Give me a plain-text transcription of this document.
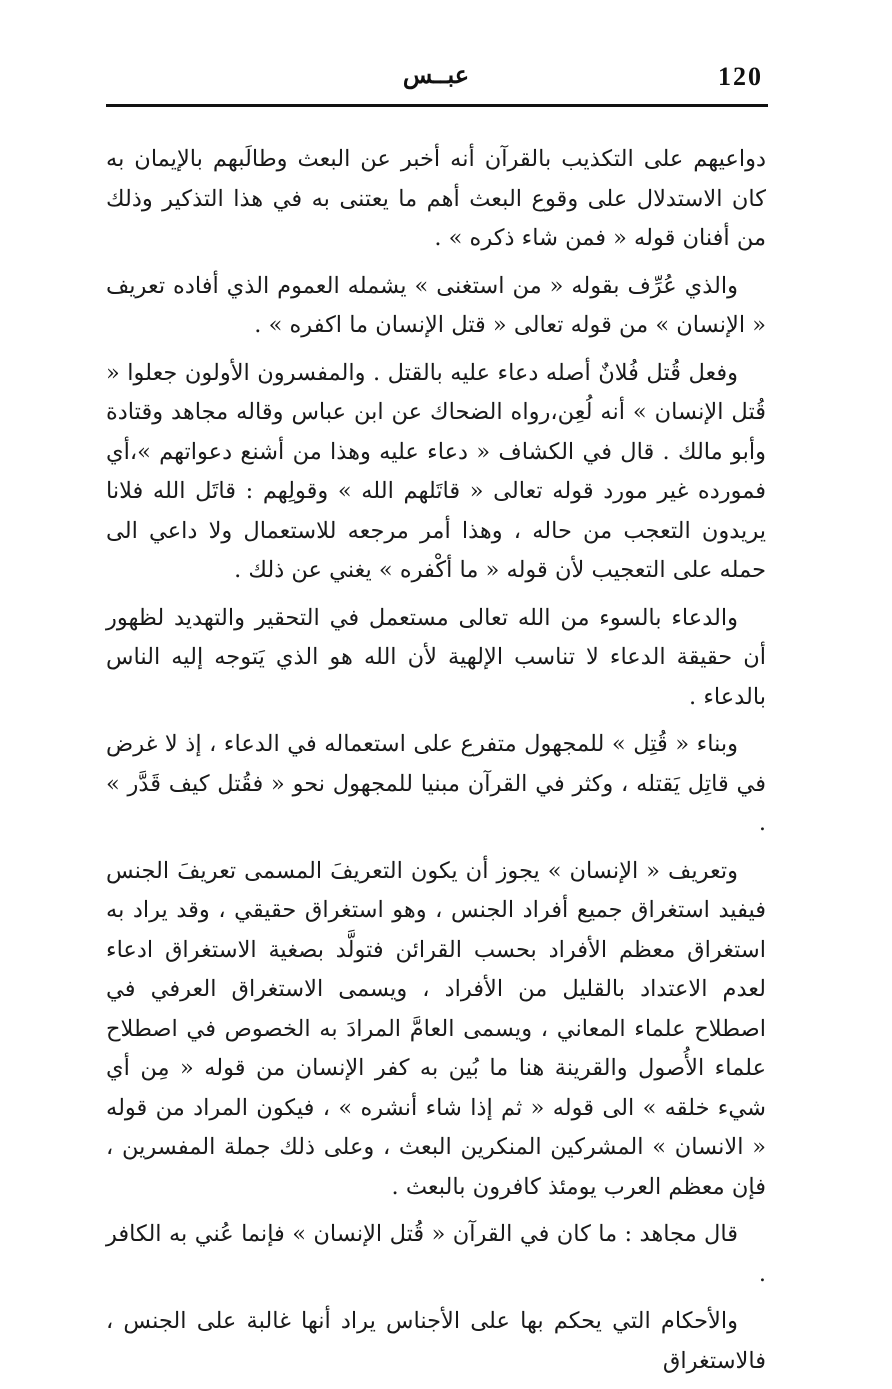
120
عبــس

دواعيهم على التكذيب بالقرآن أنه أخبر عن البعث وطالَبهم بالإيمان به كان الاستدلال على وقوع البعث أهم ما يعتنى به في هذا التذكير وذلك من أفنان قوله « فمن شاء ذكره » .

والذي عُرِّف بقوله « من استغنى » يشمله العموم الذي أفاده تعريف « الإنسان » من قوله تعالى « قتل الإنسان ما اكفره » .

وفعل قُتل فُلانٌ أصله دعاء عليه بالقتل . والمفسرون الأولون جعلوا « قُتل الإنسان » أنه لُعِن،رواه الضحاك عن ابن عباس وقاله مجاهد وقتادة وأبو مالك . قال في الكشاف « دعاء عليه وهذا من أشنع دعواتهم »،أي فمورده غير مورد قوله تعالى « قاتَلهم الله » وقولِهم : قاتَل الله فلانا يريدون التعجب من حاله ، وهذا أمر مرجعه للاستعمال ولا داعي الى حمله على التعجيب لأن قوله « ما أكْفره » يغني عن ذلك .

والدعاء بالسوء من الله تعالى مستعمل في التحقير والتهديد لظهور أن حقيقة الدعاء لا تناسب الإلهية لأن الله هو الذي يَتوجه إليه الناس بالدعاء .

وبناء « قُتِل » للمجهول متفرع على استعماله في الدعاء ، إذ لا غرض في قاتِل يَقتله ، وكثر في القرآن مبنيا للمجهول نحو « فقُتل كيف قَدَّر » .

وتعريف « الإنسان » يجوز أن يكون التعريفَ المسمى تعريفَ الجنس فيفيد استغراق جميع أفراد الجنس ، وهو استغراق حقيقي ، وقد يراد به استغراق معظم الأفراد بحسب القرائن فتولَّد بصغية الاستغراق ادعاء لعدم الاعتداد بالقليل من الأفراد ، ويسمى الاستغراق العرفي في اصطلاح علماء المعاني ، ويسمى العامَّ المرادَ به الخصوص في اصطلاح علماء الأُصول والقرينة هنا ما بُين به كفر الإنسان من قوله « مِن أي شيء خلقه » الى قوله « ثم إذا شاء أنشره » ، فيكون المراد من قوله « الانسان » المشركين المنكرين البعث ، وعلى ذلك جملة المفسرين ، فإن معظم العرب يومئذ كافرون بالبعث .

قال مجاهد : ما كان في القرآن « قُتل الإنسان » فإنما عُني به الكافر .

والأحكام التي يحكم بها على الأجناس يراد أنها غالبة على الجنس ، فالاستغراق
